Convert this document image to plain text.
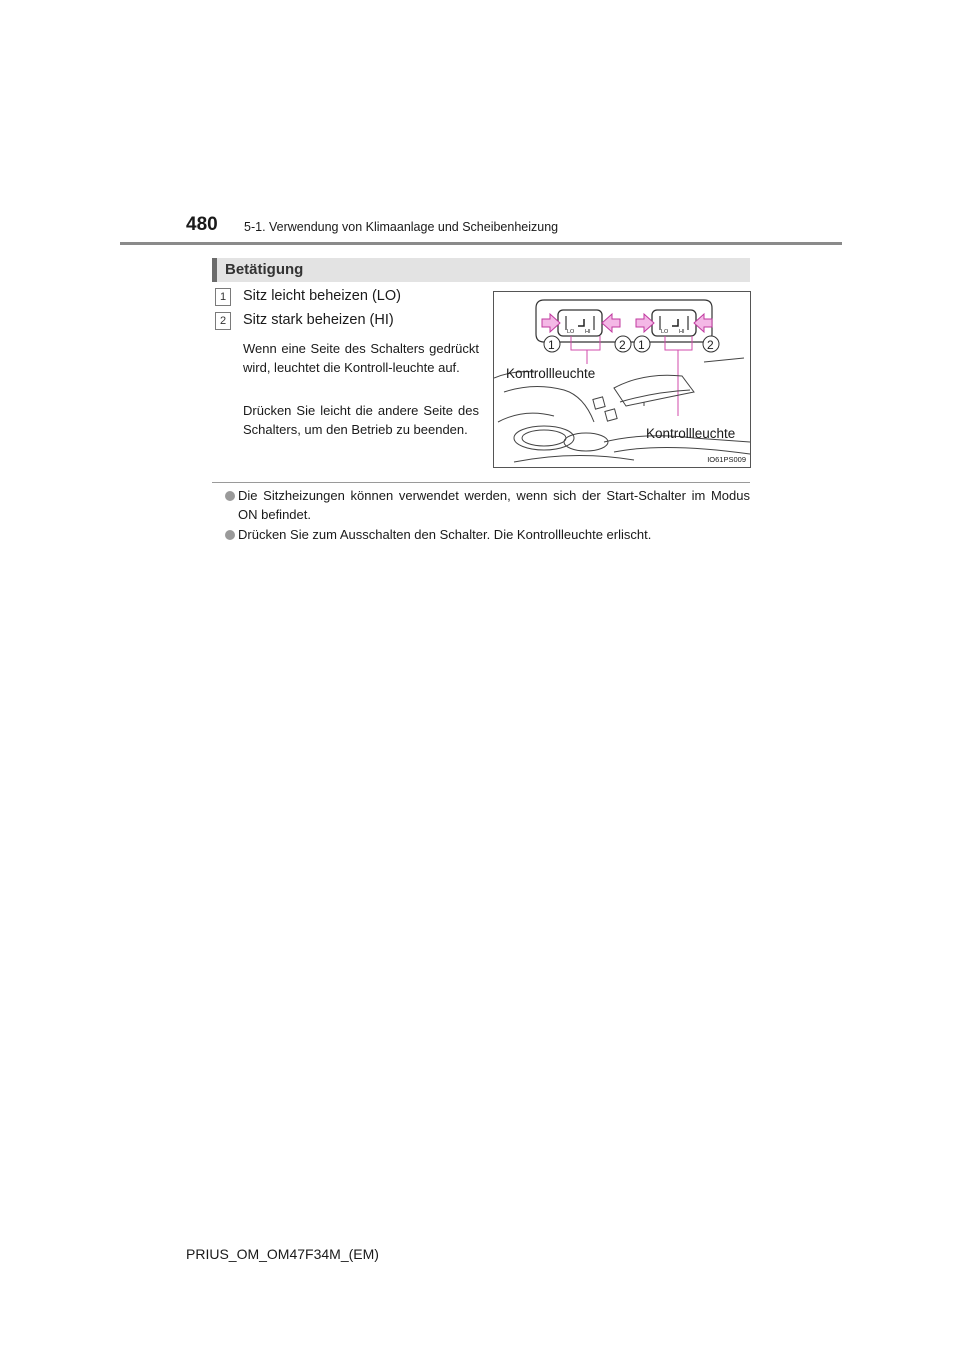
480 5-1. Verwendung von Klimaanlage und Scheibenheizung
Betätigung
1	Sitz leicht beheizen (LO)
2	Sitz stark beheizen (HI)
Wenn eine Seite des Schalters gedrückt wird, leuchtet die Kontroll-leuchte auf.
Drücken Sie leicht die andere Seite des Schalters, um den Betrieb zu beenden.
LO HI	LO HI
1	2 1	2
Kontrollleuchte
Kontrollleuchte
IO61PS009
Die Sitzheizungen können verwendet werden, wenn sich der Start-Schalter im Modus ON befindet.
Drücken Sie zum Ausschalten den Schalter. Die Kontrollleuchte erlischt.
PRIUS_OM_OM47F34M_(EM)
